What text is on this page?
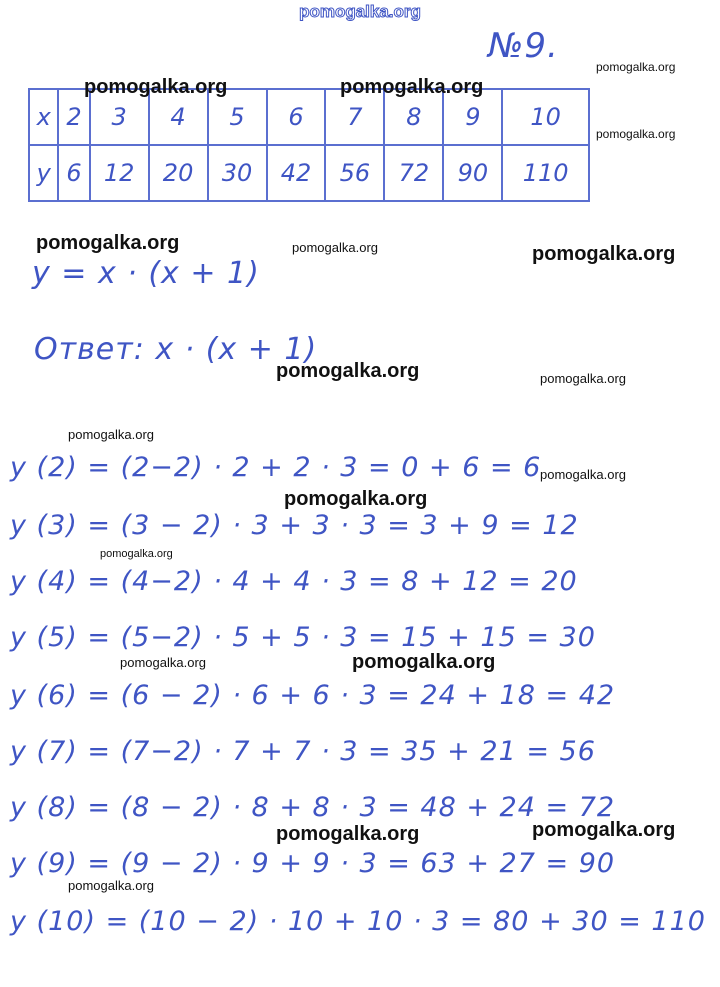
pomogalka.org
№9.
x	2	3	4	5	6	7	8	9	10
y	6	12	20	30	42	56	72	90	110
y = x · (x + 1)
Ответ: x · (x + 1)
y (2) = (2−2) · 2 + 2 · 3 = 0 + 6 = 6
y (3) = (3 − 2) · 3 + 3 · 3 = 3 + 9 = 12
y (4) = (4−2) · 4 + 4 · 3 = 8 + 12 = 20
y (5) = (5−2) · 5 + 5 · 3 = 15 + 15 = 30
y (6) = (6 − 2) · 6 + 6 · 3 = 24 + 18 = 42
y (7) = (7−2) · 7 + 7 · 3 = 35 + 21 = 56
y (8) = (8 − 2) · 8 + 8 · 3 = 48 + 24 = 72
y (9) = (9 − 2) · 9 + 9 · 3 = 63 + 27 = 90
y (10) = (10 − 2) · 10 + 10 · 3 = 80 + 30 = 110
pomogalka.org	pomogalka.org
pomogalka.org
pomogalka.org
pomogalka.org	pomogalka.org	pomogalka.org
pomogalka.org	pomogalka.org
pomogalka.org
pomogalka.org
pomogalka.org
pomogalka.org
pomogalka.org	pomogalka.org
pomogalka.org	pomogalka.org
pomogalka.org
